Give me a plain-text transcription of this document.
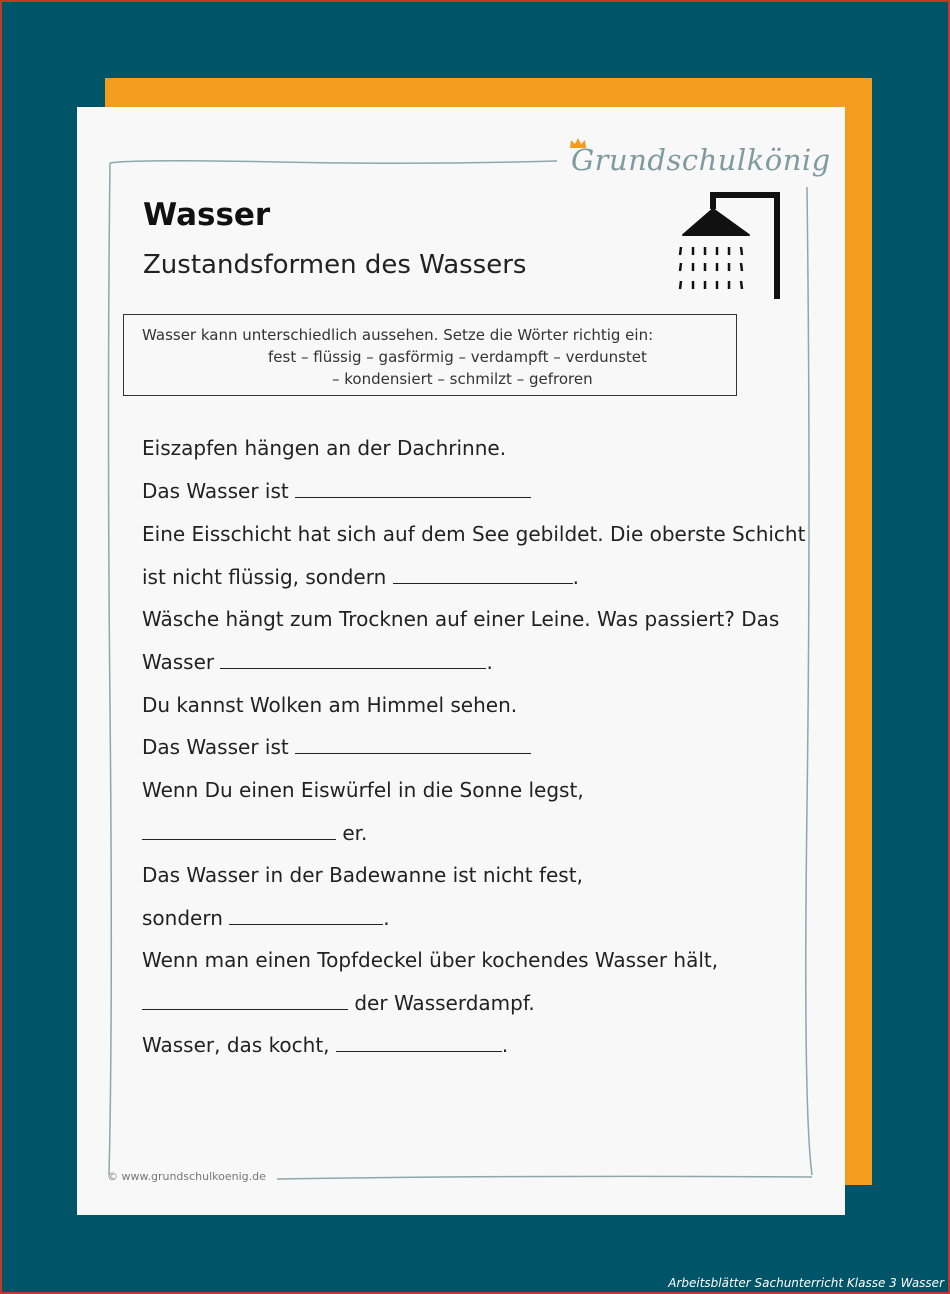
Grundschulkönig
Wasser
Zustandsformen des Wassers
Wasser kann unterschiedlich aussehen. Setze die Wörter richtig ein:
fest – flüssig – gasförmig – verdampft – verdunstet
– kondensiert – schmilzt – gefroren
Eiszapfen hängen an der Dachrinne.
Das Wasser ist
Eine Eisschicht hat sich auf dem See gebildet. Die oberste Schicht
ist nicht flüssig, sondern	.
Wäsche hängt zum Trocknen auf einer Leine. Was passiert? Das
Wasser	.
Du kannst Wolken am Himmel sehen.
Das Wasser ist
Wenn Du einen Eiswürfel in die Sonne legst,
er.
Das Wasser in der Badewanne ist nicht fest,
sondern	.
Wenn man einen Topfdeckel über kochendes Wasser hält,
der Wasserdampf.
Wasser, das kocht,	.
© www.grundschulkoenig.de
Arbeitsblätter Sachunterricht Klasse 3 Wasser
